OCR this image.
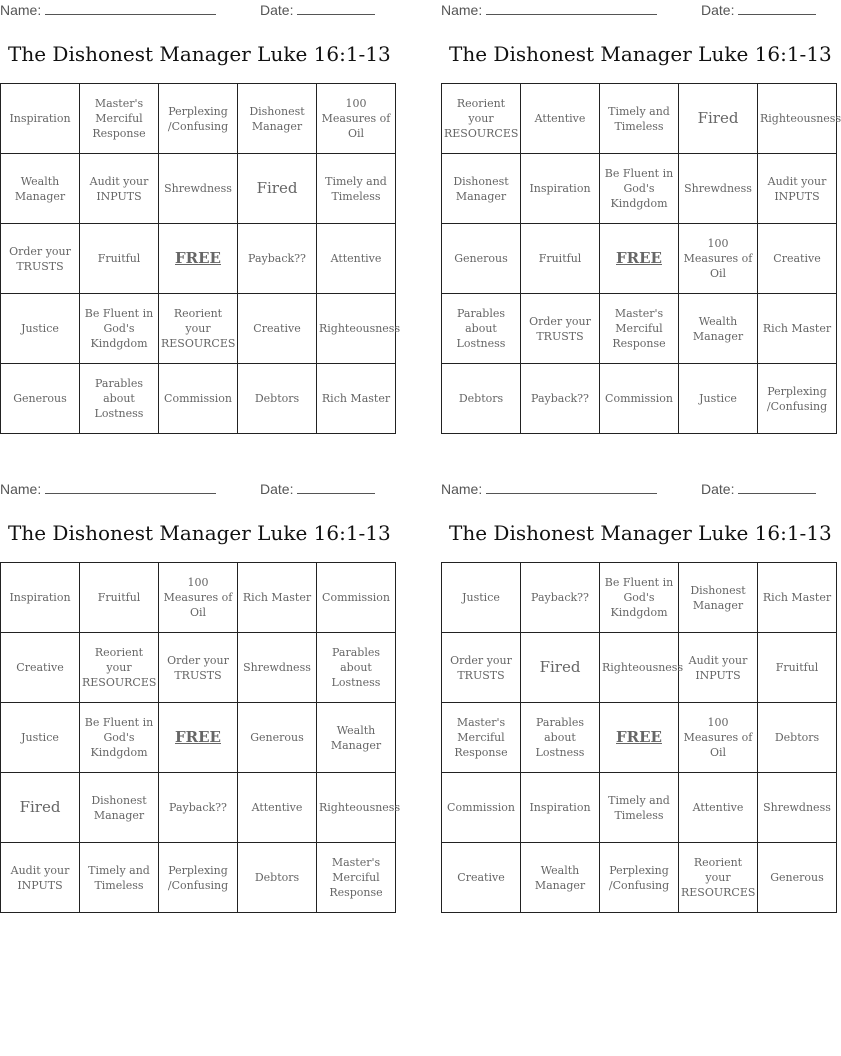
Name:	Date:
The Dishonest Manager Luke 16:1-13
Inspiration	Master's Merciful Response	Perplexing /Confusing	Dishonest Manager	100 Measures of Oil

Wealth Manager	Audit your INPUTS	Shrewdness	Fired	Timely and Timeless

Order your TRUSTS	Fruitful	FREE	Payback??	Attentive

Justice	Be Fluent in God's Kindgdom	Reorient your RESOURCES	Creative	Righteousness

Generous	Parables about Lostness	Commission	Debtors	Rich Master
Name:	Date:
The Dishonest Manager Luke 16:1-13
Reorient your RESOURCES	Attentive	Timely and Timeless	Fired	Righteousness

Dishonest Manager	Inspiration	Be Fluent in God's Kindgdom	Shrewdness	Audit your INPUTS

Generous	Fruitful	FREE	100 Measures of Oil	Creative

Parables about Lostness	Order your TRUSTS	Master's Merciful Response	Wealth Manager	Rich Master

Debtors	Payback??	Commission	Justice	Perplexing /Confusing
Name:	Date:
The Dishonest Manager Luke 16:1-13
Inspiration	Fruitful	100 Measures of Oil	Rich Master	Commission

Creative	Reorient your RESOURCES	Order your TRUSTS	Shrewdness	Parables about Lostness

Justice	Be Fluent in God's Kindgdom	FREE	Generous	Wealth Manager

Fired	Dishonest Manager	Payback??	Attentive	Righteousness

Audit your INPUTS	Timely and Timeless	Perplexing /Confusing	Debtors	Master's Merciful Response
Name:	Date:
The Dishonest Manager Luke 16:1-13
Justice	Payback??	Be Fluent in God's Kindgdom	Dishonest Manager	Rich Master

Order your TRUSTS	Fired	Righteousness	Audit your INPUTS	Fruitful

Master's Merciful Response	Parables about Lostness	FREE	100 Measures of Oil	Debtors

Commission	Inspiration	Timely and Timeless	Attentive	Shrewdness

Creative	Wealth Manager	Perplexing /Confusing	Reorient your RESOURCES	Generous
